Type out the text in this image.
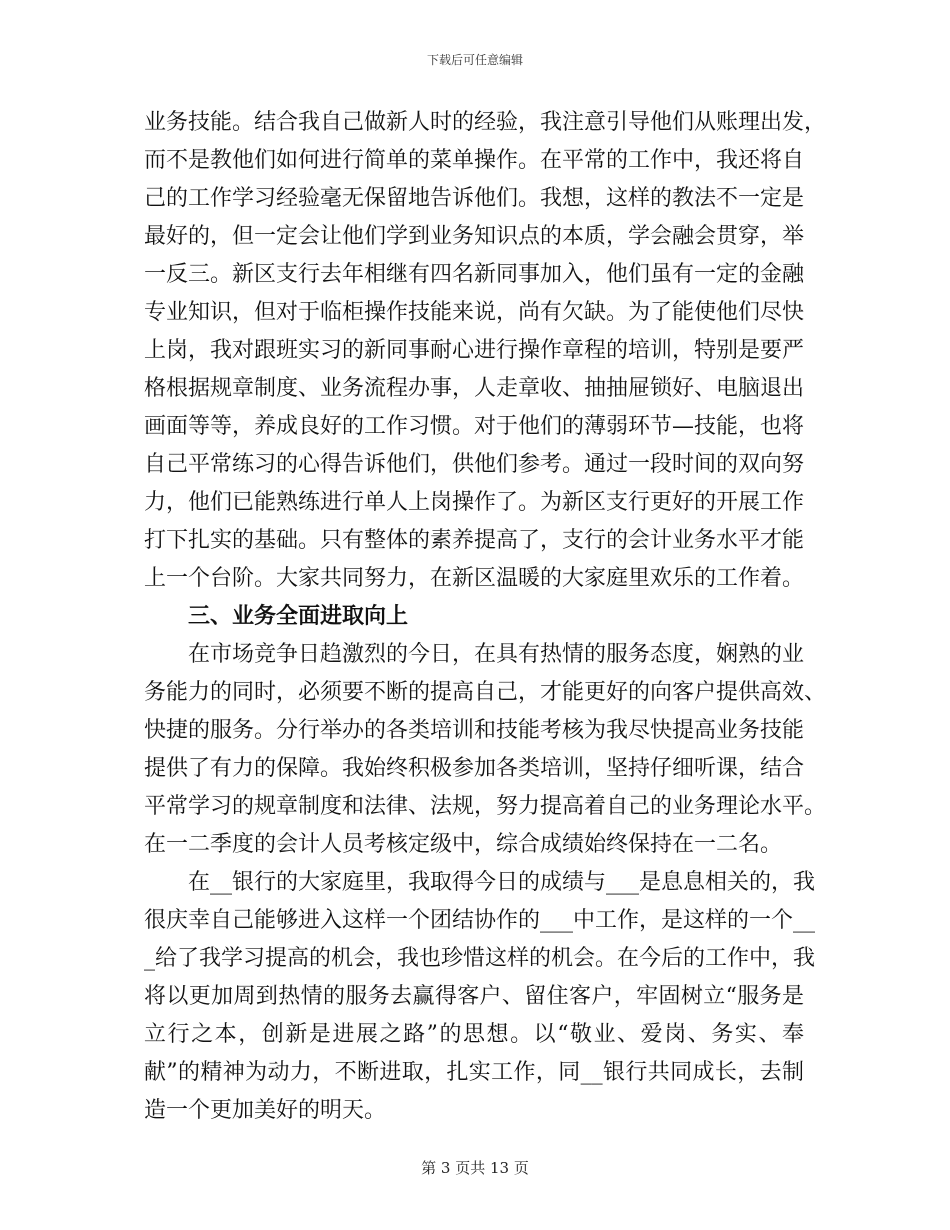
下载后可任意编辑
业务技能。结合我自己做新人时的经验，我注意引导他们从账理出发，
而不是教他们如何进行简单的菜单操作。在平常的工作中，我还将自
己的工作学习经验毫无保留地告诉他们。我想，这样的教法不一定是
最好的，但一定会让他们学到业务知识点的本质，学会融会贯穿，举
一反三。新区支行去年相继有四名新同事加入，他们虽有一定的金融
专业知识，但对于临柜操作技能来说，尚有欠缺。为了能使他们尽快
上岗，我对跟班实习的新同事耐心进行操作章程的培训，特别是要严
格根据规章制度、业务流程办事，人走章收、抽抽屉锁好、电脑退出
画面等等，养成良好的工作习惯。对于他们的薄弱环节—技能，也将
自己平常练习的心得告诉他们，供他们参考。通过一段时间的双向努
力，他们已能熟练进行单人上岗操作了。为新区支行更好的开展工作
打下扎实的基础。只有整体的素养提高了，支行的会计业务水平才能
上一个台阶。大家共同努力，在新区温暖的大家庭里欢乐的工作着。
三、业务全面进取向上
在市场竞争日趋激烈的今日，在具有热情的服务态度，娴熟的业
务能力的同时，必须要不断的提高自己，才能更好的向客户提供高效、
快捷的服务。分行举办的各类培训和技能考核为我尽快提高业务技能
提供了有力的保障。我始终积极参加各类培训，坚持仔细听课，结合
平常学习的规章制度和法律、法规，努力提高着自己的业务理论水平。
在一二季度的会计人员考核定级中，综合成绩始终保持在一二名。
在__银行的大家庭里，我取得今日的成绩与___是息息相关的，我
很庆幸自己能够进入这样一个团结协作的___中工作，是这样的一个__
_给了我学习提高的机会，我也珍惜这样的机会。在今后的工作中，我
将以更加周到热情的服务去赢得客户、留住客户，牢固树立“服务是
立行之本，创新是进展之路”的思想。以“敬业、爱岗、务实、奉
献”的精神为动力，不断进取，扎实工作，同__银行共同成长，去制
造一个更加美好的明天。
第 3 页共 13 页
